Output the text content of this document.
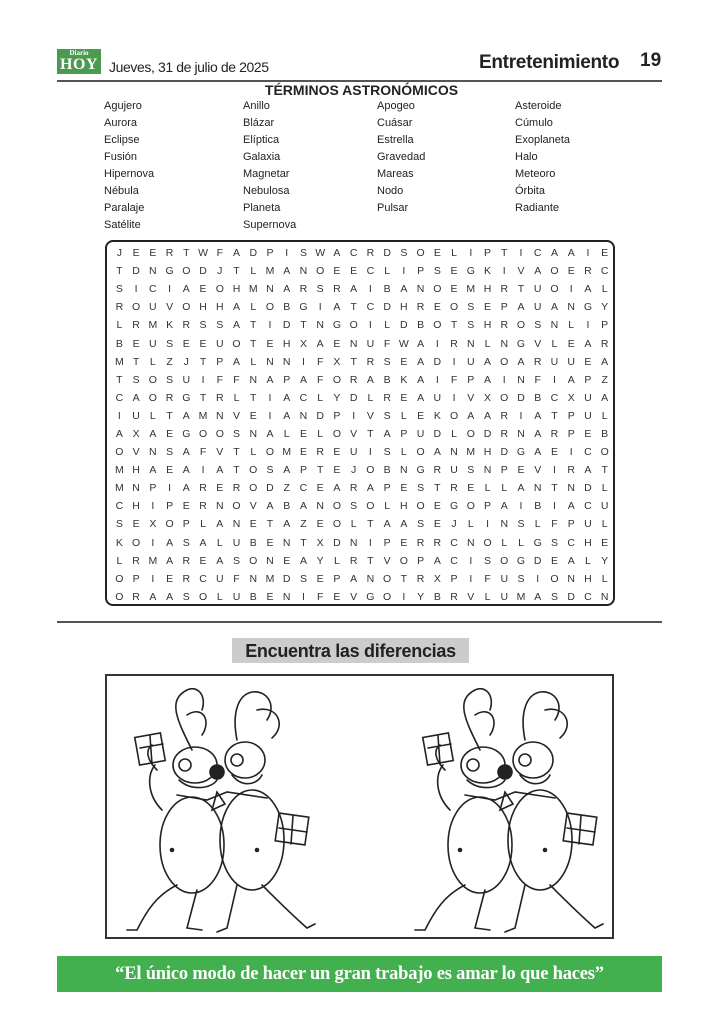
Diario
HOY Jueves, 31 de julio de 2025	Entretenimiento 19
TÉRMINOS ASTRONÓMICOS
Agujero	Anillo	Apogeo	Asteroide
Aurora	Blázar	Cuásar	Cúmulo
Eclipse	Elíptica	Estrella	Exoplaneta
Fusión	Galaxia	Gravedad	Halo
Hipernova	Magnetar	Mareas	Meteoro
Nébula	Nebulosa	Nodo	Órbita
Paralaje	Planeta	Pulsar	Radiante
Satélite	Supernova
J	E E R T W F A D P	I	S W A C R D S O E L	I	P T	I	C A A	I	E
T D N G O D J	T	L M A N O E E C L	I	P S E G K	I	V A O E R C
S	I	C	I	A E O H M N A R S R A	I	B A N O E M H R T U O	I	A L
R O U V O H H A L O B G	I	A T C D H R E O S E P A U A N G Y
L R M K R S S A T	I	D T N G O	I	L D B O T S H R O S N L	I	P
B E U S E E U O T E H X A E N U F W A	I	R N L N G V L E A R
M T	L	Z	J	T P A L N N	I	F X T R S E A D	I	U A O A R U U E A
T S O S U	I	F F N A P A F O R A B K A	I	F P A	I	N F	I	A P Z
C A O R G T R L	T	I	A C L Y D L R E A U	I	V X O D B C X U A
I	U L	T A M N V E	I	A N D P	I	V S L E K O A A R	I	A T P U L
A X A E G O O S N A L E L O V T A P U D L O D R N A R P E B
O V N S A F V T	L O M E R E U	I	S L O A N M H D G A E	I	C O
M H A E A	I	A T O S A P T E	J O B N G R U S N P E V	I	R A T
M N P	I	A R E R O D Z C E A R A P E S T R E L	L A N T N D L
C H	I	P E R N O V A B A N O S O L H O E G O P A	I	B	I	A C U
S E X O P L A N E T A Z E O L	T A A S E	J	L	I	N S L	F P U L
K O	I	A S A L U B E N T X D N	I	P E R R C N O L	L G S C H E
L R M A R E A S O N E A Y L R T V O P A C	I	S O G D E A L Y
O P	I	E R C U F N M D S E P A N O T R X P	I	F U S	I	O N H L
O R A A S O L U B E N	I	F E V G O	I	Y B R V L U M A S D C N
Encuentra las diferencias
“El único modo de hacer un gran trabajo es amar lo que haces”
